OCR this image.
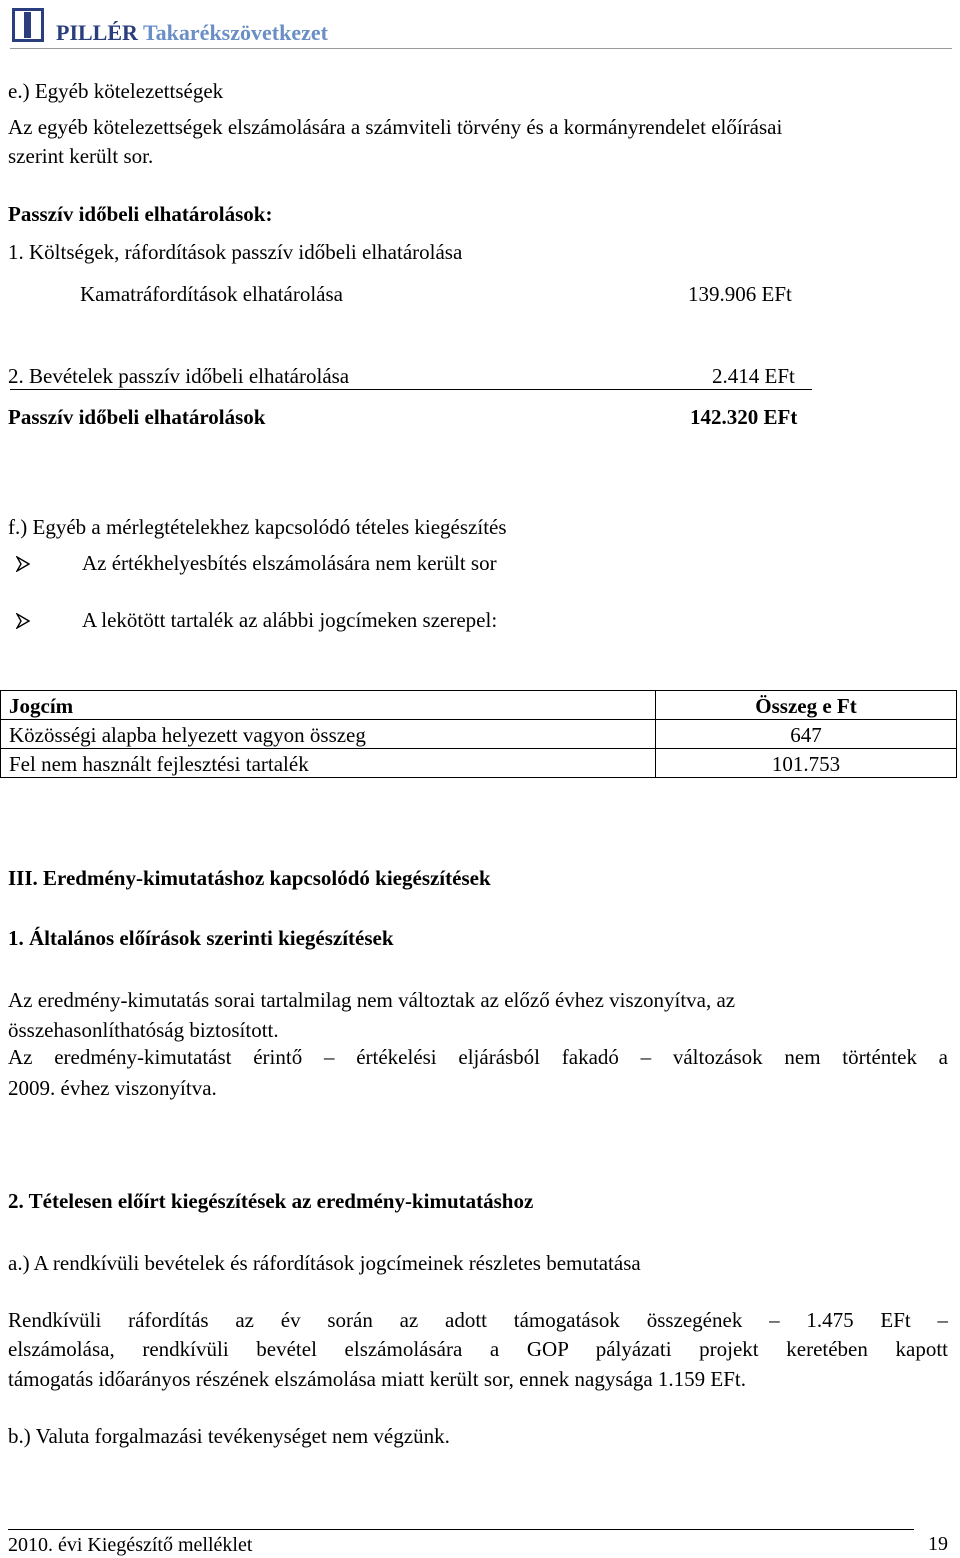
PILLÉR Takarékszövetkezet
e.) Egyéb kötelezettségek
Az egyéb kötelezettségek elszámolására a számviteli törvény és a kormányrendelet előírásai
szerint került sor.
Passzív időbeli elhatárolások:
1. Költségek, ráfordítások passzív időbeli elhatárolása
Kamatráfordítások elhatárolása	139.906 EFt
2. Bevételek passzív időbeli elhatárolása	2.414 EFt
Passzív időbeli elhatárolások	142.320 EFt
f.) Egyéb a mérlegtételekhez kapcsolódó tételes kiegészítés
Az értékhelyesbítés elszámolására nem került sor
A lekötött tartalék az alábbi jogcímeken szerepel:
Jogcím	Összeg e Ft
Közösségi alapba helyezett vagyon összeg	647
Fel nem használt fejlesztési tartalék	101.753
III. Eredmény-kimutatáshoz kapcsolódó kiegészítések
1. Általános előírások szerinti kiegészítések
Az eredmény-kimutatás sorai tartalmilag nem változtak az előző évhez viszonyítva, az
összehasonlíthatóság biztosított.
Az eredmény-kimutatást érintő – értékelési eljárásból fakadó – változások nem történtek a
2009. évhez viszonyítva.
2. Tételesen előírt kiegészítések az eredmény-kimutatáshoz
a.) A rendkívüli bevételek és ráfordítások jogcímeinek részletes bemutatása
Rendkívüli ráfordítás az év során az adott támogatások összegének – 1.475 EFt –
elszámolása, rendkívüli bevétel elszámolására a GOP pályázati projekt keretében kapott
támogatás időarányos részének elszámolása miatt került sor, ennek nagysága 1.159 EFt.
b.) Valuta forgalmazási tevékenységet nem végzünk.
2010. évi Kiegészítő melléklet	19
